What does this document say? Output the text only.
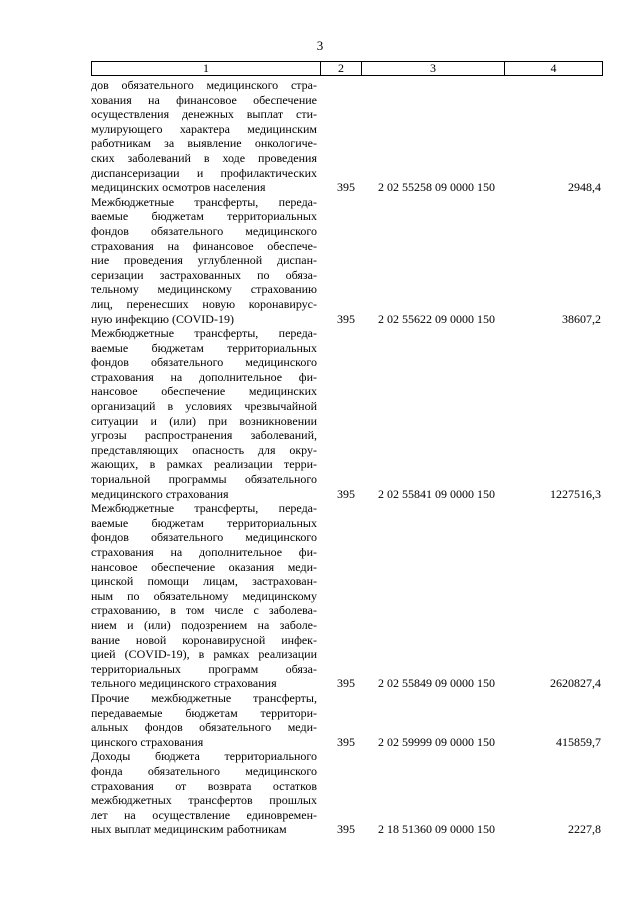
3
1	2	3	4
дов обязательного медицинского стра-
хования на финансовое обеспечение
осуществления денежных выплат сти-
мулирующего характера медицинским
работникам за выявление онкологиче-
ских заболеваний в ходе проведения
диспансеризации и профилактических
медицинских осмотров населения	395	2 02 55258 09 0000 150	2948,4
Межбюджетные трансферты, переда-
ваемые бюджетам территориальных
фондов обязательного медицинского
страхования на финансовое обеспече-
ние проведения углубленной диспан-
серизации застрахованных по обяза-
тельному медицинскому страхованию
лиц, перенесших новую коронавирус-
ную инфекцию (COVID-19)	395	2 02 55622 09 0000 150	38607,2
Межбюджетные трансферты, переда-
ваемые бюджетам территориальных
фондов обязательного медицинского
страхования на дополнительное фи-
нансовое обеспечение медицинских
организаций в условиях чрезвычайной
ситуации и (или) при возникновении
угрозы распространения заболеваний,
представляющих опасность для окру-
жающих, в рамках реализации терри-
ториальной программы обязательного
медицинского страхования	395	2 02 55841 09 0000 150	1227516,3
Межбюджетные трансферты, переда-
ваемые бюджетам территориальных
фондов обязательного медицинского
страхования на дополнительное фи-
нансовое обеспечение оказания меди-
цинской помощи лицам, застрахован-
ным по обязательному медицинскому
страхованию, в том числе с заболева-
нием и (или) подозрением на заболе-
вание новой коронавирусной инфек-
цией (COVID-19), в рамках реализации
территориальных программ обяза-
тельного медицинского страхования	395	2 02 55849 09 0000 150	2620827,4
Прочие межбюджетные трансферты,
передаваемые бюджетам территори-
альных фондов обязательного меди-
цинского страхования	395	2 02 59999 09 0000 150	415859,7
Доходы бюджета территориального
фонда обязательного медицинского
страхования от возврата остатков
межбюджетных трансфертов прошлых
лет на осуществление единовремен-
ных выплат медицинским работникам	395	2 18 51360 09 0000 150	2227,8
